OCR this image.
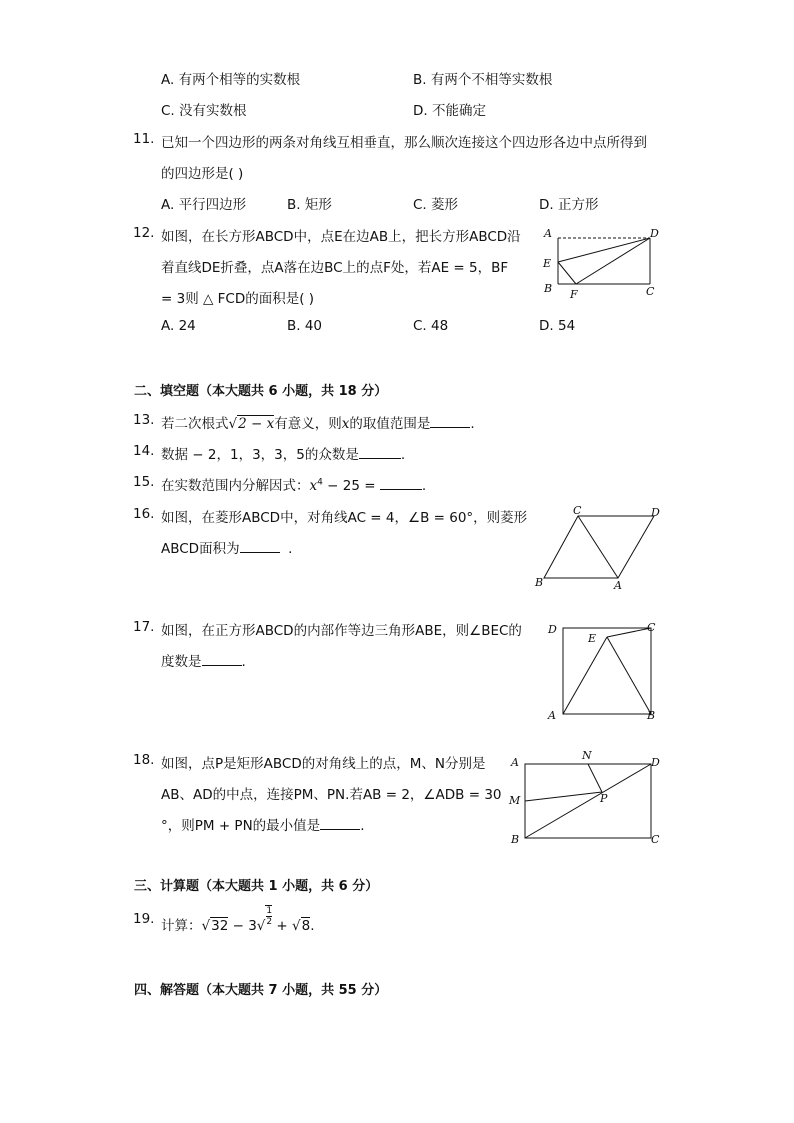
A. 有两个相等的实数根	B. 有两个不相等实数根
C. 没有实数根	D. 不能确定
11. 已知一个四边形的两条对角线互相垂直，那么顺次连接这个四边形各边中点所得到
的四边形是( )
A. 平行四边形	B. 矩形	C. 菱形	D. 正方形
12. 如图，在长方形ABCD中，点E在边AB上，把长方形ABCD沿
着直线DE折叠，点A落在边BC上的点F处，若AE = 5，BF
= 3则 △ FCD的面积是( )
A. 24	B. 40	C. 48	D. 54
A	D
E
B F	C
二、填空题（本大题共 6 小题，共 18 分）
13. 若二次根式√2 − x有意义，则x的取值范围是	.
14. 数据 − 2，1，3，3，5的众数是	.
15. 在实数范围内分解因式：$x^4 - 25$ =	.
16. 如图，在菱形ABCD中，对角线AC = 4，∠B = 60°，则菱形
ABCD面积为	.
C	D
B	A
17. 如图，在正方形ABCD的内部作等边三角形ABE，则∠BEC的
度数是	.
D
E
C
A	B
18. 如图，点P是矩形ABCD的对角线上的点，M、N分别是
AB、AD的中点，连接PM、PN.若AB = 2，∠ADB = 30
°，则PM + PN的最小值是	.
A
N
D
M	P
B	C
三、计算题（本大题共 1 小题，共 6 分）
19. 计算：$√32 - 3√ \frac{1}{2} + √8$.
四、解答题（本大题共 7 小题，共 55 分）
